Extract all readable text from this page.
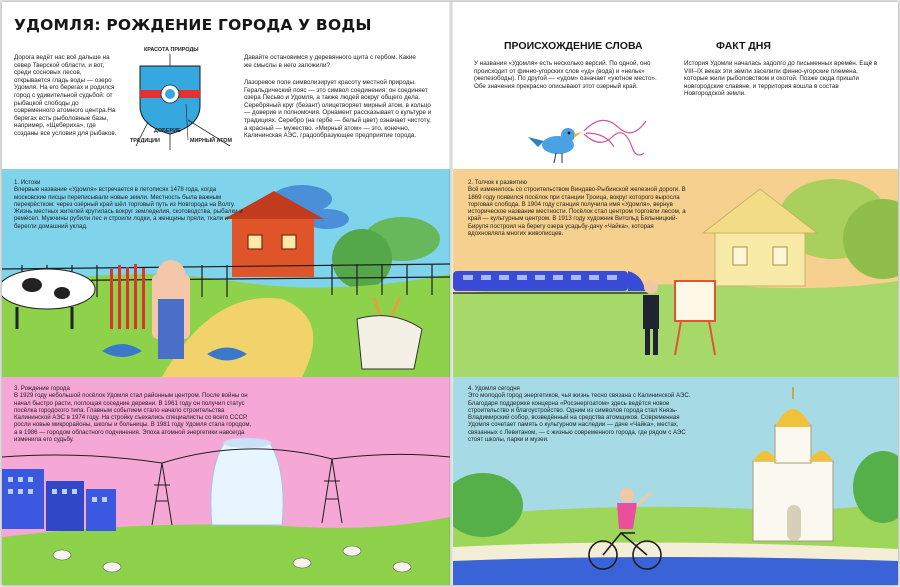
УДОМЛЯ: РОЖДЕНИЕ ГОРОДА У ВОДЫ
Дорога ведёт нас всё дальше на север Тверской области, и вот, среди сосновых лесов, открывается гладь воды — озеро Удомля. На его берегах и родился город с удивительной судьбой: от рыбацкой слободы до современного атомного центра.На берегах есть рыболовные базы, например, «Щебериха», где созданы все условия для рыбаков.
КРАСОТА ПРИРОДЫ
ДОБЕРИЕ
ТРАДИЦИИ	МИРНЫЙ АТОМ
Давайте остановимся у деревянного щита с гербом. Какие же смыслы в него заложили?
Лазоревое поле символизирует красоту местной природы. Геральдический пояс — это символ соединения: он соединяет озера Песьво и Удомля, а также людей вокруг общего дела. Серебряный круг (безант) олицетворяет мирный атом, в кольцо — доверие и полномочия. Орнамент рассказывает о культуре и традициях. Серебро (на гербе — белый цвет) означает чистоту, а красный — мужество. «Мирный атом» — это, конечно, Калининская АЭС, градообразующее предприятие города.
ПРОИСХОЖДЕНИЕ СЛОВА
У названия «Удомля» есть несколько версий. По одной, оно происходит от финно-угорских слов «уд» (вода) и «нельк» (железободы). По другой — «удом» означает «уютное место». Обе значения прекрасно описывают этот озерный край.
ФАКТ ДНЯ
История Удомли началась задолго до письменных времён. Ещё в VIII–IX веках эти земли заселили финно-угорские племена, которые жили рыболовством и охотой. Позже сюда пришли новгородские славяне, и территория вошла в состав Новгородской земли.
1. Истоки
Впервые название «Удомля» встречается в летописях 1478 года, когда московские писцы переписывали новые земли. Местность была важным перекрёстком: через озёрный край шёл торговый путь из Новгорода на Волгу. Жизнь местных жителей крутилась вокруг земледелия, скотоводства, рыбалки и ремёсел. Мужчины рубили лес и строили лодки, а женщины пряли, ткали и берегли домашний уклад.
2. Толчок к развитию
Всё изменилось со строительством Виндаво-Рыбинской железной дороги. В 1869 году появился посёлок при станции Троица, вокруг которого выросла торговая слобода. В 1904 году станция получила имя «Удомля», вернув историческое название местности. Посёлок стал центром торговли лесом, а край — культурным центром. В 1913 году художник Витольд Бялыницкий-Бируля построил на берегу озера усадьбу-дачу «Чайка», которая вдохновляла многих живописцев.
3. Рождение города
В 1929 году небольшой посёлок Удомля стал районным центром. После войны он начал быстро расти, поглощая соседние деревни. В 1961 году он получил статус посёлка городского типа. Главным событием стало начало строительства Калининской АЭС в 1974 году. На стройку съехались специалисты со всего СССР, росли новые микрорайоны, школы и больницы. В 1981 году Удомля стала городом, а в 1986 — городом областного подчинения. Эпоха атомной энергетики навсегда изменила его судьбу.
4. Удомля сегодня
Это молодой город энергетиков, чья жизнь тесно связана с Калининской АЭС. Благодаря поддержке концерна «Росэнергоатом» здесь ведётся новое строительство и благоустройство. Одним из символов города стал Князь-Владимирский собор, возведённый на средства атомщиков. Современная Удомля сочетает память о культурном наследии — даче «Чайка», местах, связанных с Левитаном, — с жизнью современного города, где рядом с АЭС стоят школы, парки и музеи.
